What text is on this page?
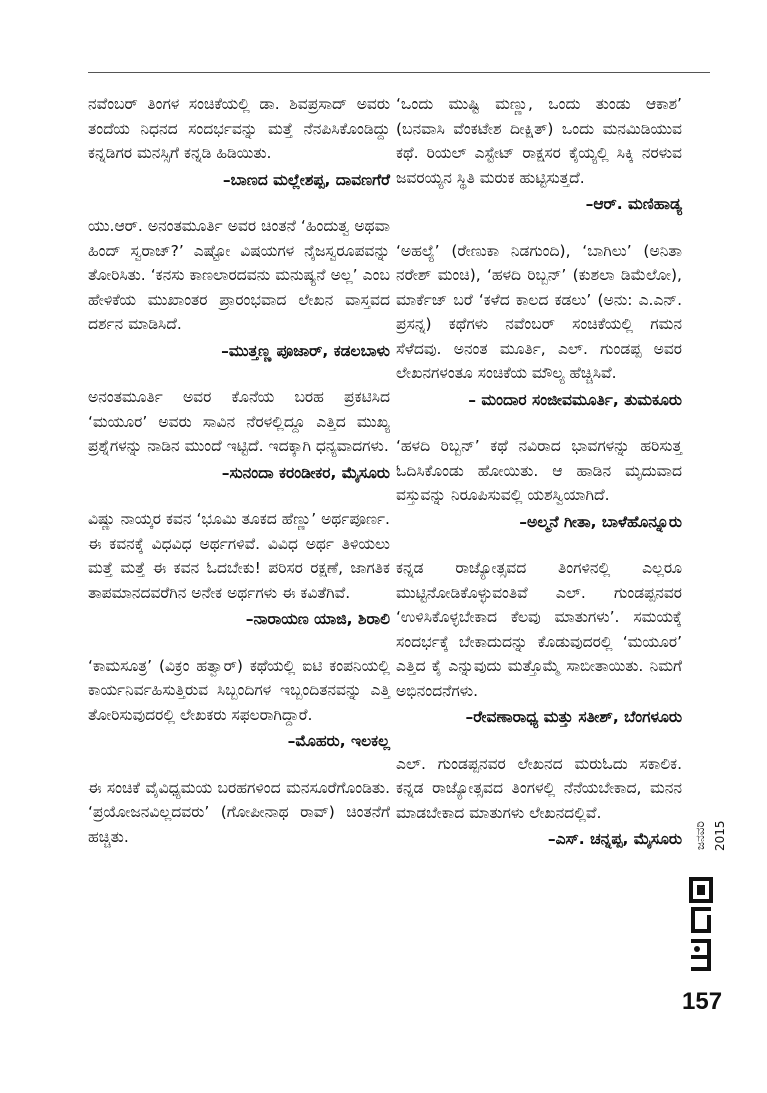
ನವೆಂಬರ್ ತಿಂಗಳ ಸಂಚಿಕೆಯಲ್ಲಿ ಡಾ. ಶಿವಪ್ರಸಾದ್ ಅವರು ತಂದೆಯ ನಿಧನದ ಸಂದರ್ಭವನ್ನು ಮತ್ತೆ ನೆನಪಿಸಿಕೊಂಡಿದ್ದು ಕನ್ನಡಿಗರ ಮನಸ್ಸಿಗೆ ಕನ್ನಡಿ ಹಿಡಿಯಿತು.

–ಬಾಣದ ಮಲ್ಲೇಶಪ್ಪ, ದಾವಣಗೆರೆ

ಯು.ಆರ್. ಅನಂತಮೂರ್ತಿ ಅವರ ಚಿಂತನೆ ‘ಹಿಂದುತ್ವ ಅಥವಾ ಹಿಂದ್ ಸ್ವರಾಜ್?’ ಎಷ್ಟೋ ವಿಷಯಗಳ ನೈಜಸ್ವರೂಪವನ್ನು ತೋರಿಸಿತು. ‘ಕನಸು ಕಾಣಲಾರದವನು ಮನುಷ್ಯನೆ ಅಲ್ಲ’ ಎಂಬ ಹೇಳಿಕೆಯ ಮುಖಾಂತರ ಪ್ರಾರಂಭವಾದ ಲೇಖನ ವಾಸ್ತವದ ದರ್ಶನ ಮಾಡಿಸಿದೆ.

–ಮುತ್ತಣ್ಣ ಪೂಜಾರ್, ಕಡಲಬಾಳು

ಅನಂತಮೂರ್ತಿ ಅವರ ಕೊನೆಯ ಬರಹ ಪ್ರಕಟಿಸಿದ ‘ಮಯೂರ’ ಅವರು ಸಾವಿನ ನೆರಳಲ್ಲಿದ್ದೂ ಎತ್ತಿದ ಮುಖ್ಯ ಪ್ರಶ್ನೆಗಳನ್ನು ನಾಡಿನ ಮುಂದೆ ಇಟ್ಟಿದೆ. ಇದಕ್ಕಾಗಿ ಧನ್ಯವಾದಗಳು.

–ಸುನಂದಾ ಕರಂಡೀಕರ, ಮೈಸೂರು

ವಿಷ್ಣು ನಾಯ್ಕರ ಕವನ ‘ಭೂಮಿ ತೂಕದ ಹೆಣ್ಣು’ ಅರ್ಥಪೂರ್ಣ. ಈ ಕವನಕ್ಕೆ ವಿಧವಿಧ ಅರ್ಥಗಳಿವೆ. ವಿವಿಧ ಅರ್ಥ ತಿಳಿಯಲು ಮತ್ತೆ ಮತ್ತೆ ಈ ಕವನ ಓದಬೇಕು! ಪರಿಸರ ರಕ್ಷಣೆ, ಜಾಗತಿಕ ತಾಪಮಾನದವರೆಗಿನ ಅನೇಕ ಅರ್ಥಗಳು ಈ ಕವಿತೆಗಿವೆ.

–ನಾರಾಯಣ ಯಾಜಿ, ಶಿರಾಲಿ

‘ಕಾಮಸೂತ್ರ’ (ವಿಕ್ರಂ ಹತ್ವಾರ್) ಕಥೆಯಲ್ಲಿ ಐಟಿ ಕಂಪನಿಯಲ್ಲಿ ಕಾರ್ಯನಿರ್ವಹಿಸುತ್ತಿರುವ ಸಿಬ್ಬಂದಿಗಳ ಇಬ್ಬಂದಿತನವನ್ನು ಎತ್ತಿ ತೋರಿಸುವುದರಲ್ಲಿ ಲೇಖಕರು ಸಫಲರಾಗಿದ್ದಾರೆ.

–ಮೊಹರು, ಇಲಕಲ್ಲ

ಈ ಸಂಚಿಕೆ ವೈವಿಧ್ಯಮಯ ಬರಹಗಳಿಂದ ಮನಸೂರೆಗೊಂಡಿತು. ‘ಪ್ರಯೋಜನವಿಲ್ಲದವರು’ (ಗೋಪೀನಾಥ ರಾವ್) ಚಿಂತನೆಗೆ ಹಚ್ಚಿತು.

‘ಒಂದು ಮುಷ್ಟಿ ಮಣ್ಣು, ಒಂದು ತುಂಡು ಆಕಾಶ’ (ಬನವಾಸಿ ವೆಂಕಟೇಶ ದೀಕ್ಷಿತ್) ಒಂದು ಮನಮಿಡಿಯುವ ಕಥೆ. ರಿಯಲ್ ಎಸ್ಟೇಟ್ ರಾಕ್ಷಸರ ಕೈಯ್ಯಲ್ಲಿ ಸಿಕ್ಕಿ ನರಳುವ ಜವರಯ್ಯನ ಸ್ಥಿತಿ ಮರುಕ ಹುಟ್ಟಿಸುತ್ತದೆ.

–ಆರ್. ಮಣಿಹಾಡ್ಯ

‘ಅಹಲ್ಯೆ’ (ರೇಣುಕಾ ನಿಡಗುಂದಿ), ‘ಬಾಗಿಲು’ (ಅನಿತಾ ನರೇಶ್ ಮಂಚಿ), ‘ಹಳದಿ ರಿಬ್ಬನ್’ (ಕುಶಲಾ ಡಿಮೆಲೋ), ಮಾರ್ಕೆಜ್ ಬರೆ ‘ಕಳೆದ ಕಾಲದ ಕಡಲು’ (ಅನು: ಎ.ಎನ್. ಪ್ರಸನ್ನ) ಕಥೆಗಳು ನವೆಂಬರ್ ಸಂಚಿಕೆಯಲ್ಲಿ ಗಮನ ಸೆಳೆದವು. ಅನಂತ ಮೂರ್ತಿ, ಎಲ್. ಗುಂಡಪ್ಪ ಅವರ ಲೇಖನಗಳಂತೂ ಸಂಚಿಕೆಯ ಮೌಲ್ಯ ಹೆಚ್ಚಿಸಿವೆ.

– ಮಂದಾರ ಸಂಜೀವಮೂರ್ತಿ, ತುಮಕೂರು

‘ಹಳದಿ ರಿಬ್ಬನ್’ ಕಥೆ ನವಿರಾದ ಭಾವಗಳನ್ನು ಹರಿಸುತ್ತ ಓದಿಸಿಕೊಂಡು ಹೋಯಿತು. ಆ ಹಾಡಿನ ಮೃದುವಾದ ವಸ್ತುವನ್ನು ನಿರೂಪಿಸುವಲ್ಲಿ ಯಶಸ್ವಿಯಾಗಿದೆ.

–ಅಲ್ಮನೆ ಗೀತಾ, ಬಾಳೆಹೊನ್ನೂರು

ಕನ್ನಡ ರಾಜ್ಯೋತ್ಸವದ ತಿಂಗಳಿನಲ್ಲಿ ಎಲ್ಲರೂ ಮುಟ್ಟಿನೋಡಿಕೊಳ್ಳುವಂತಿವೆ ಎಲ್. ಗುಂಡಪ್ಪನವರ ‘ಉಳಿಸಿಕೊಳ್ಳಬೇಕಾದ ಕೆಲವು ಮಾತುಗಳು’. ಸಮಯಕ್ಕೆ ಸಂದರ್ಭಕ್ಕೆ ಬೇಕಾದುದನ್ನು ಕೊಡುವುದರಲ್ಲಿ ‘ಮಯೂರ’ ಎತ್ತಿದ ಕೈ ಎನ್ನುವುದು ಮತ್ತೊಮ್ಮೆ ಸಾಬೀತಾಯಿತು. ನಿಮಗೆ ಅಭಿನಂದನೆಗಳು.

–ರೇವಣಾರಾಧ್ಯ ಮತ್ತು ಸತೀಶ್, ಬೆಂಗಳೂರು

ಎಲ್. ಗುಂಡಪ್ಪನವರ ಲೇಖನದ ಮರುಓದು ಸಕಾಲಿಕ. ಕನ್ನಡ ರಾಜ್ಯೋತ್ಸವದ ತಿಂಗಳಲ್ಲಿ ನೆನೆಯಬೇಕಾದ, ಮನನ ಮಾಡಬೇಕಾದ ಮಾತುಗಳು ಲೇಖನದಲ್ಲಿವೆ.

–ಎಸ್. ಚನ್ನಪ್ಪ, ಮೈಸೂರು ಜನವರಿ 2015
157
